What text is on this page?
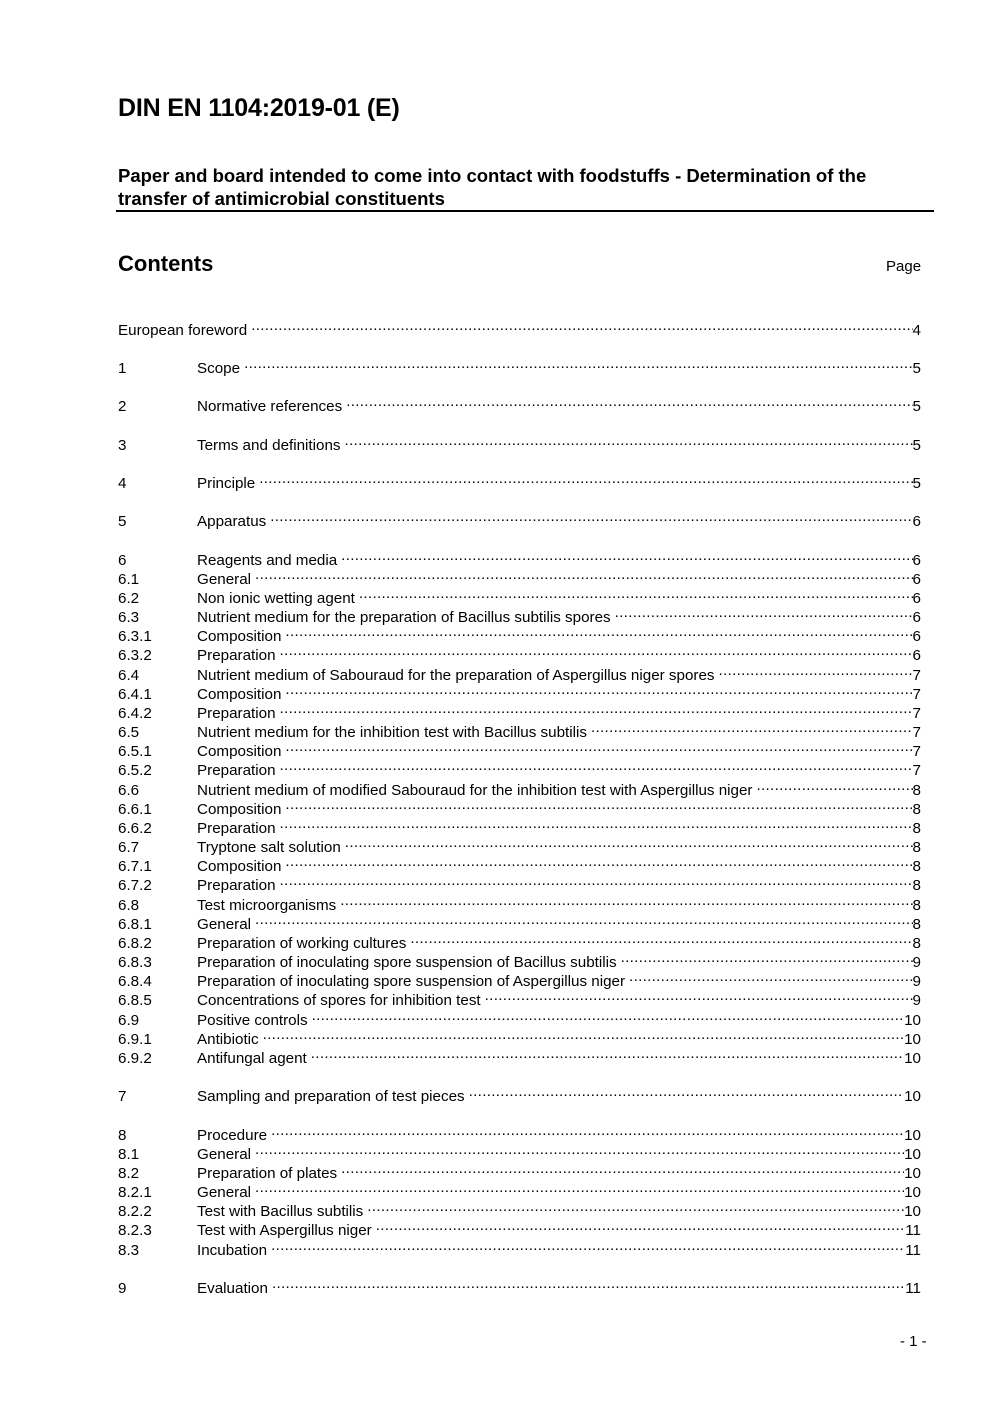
DIN EN 1104:2019-01 (E)

Paper and board intended to come into contact with foodstuffs - Determination of the transfer of antimicrobial constituents

Contents	Page
European foreword .....	4
1	Scope .....	5
2	Normative references .....	5
3	Terms and definitions .....	5
4	Principle .....	5
5	Apparatus .....	6
6	Reagents and media .....	6
6.1	General .....	6
6.2	Non ionic wetting agent .....	6
6.3	Nutrient medium for the preparation of Bacillus subtilis spores .....	6
6.3.1	Composition .....	6
6.3.2	Preparation .....	6
6.4	Nutrient medium of Sabouraud for the preparation of Aspergillus niger spores .....	7
6.4.1	Composition .....	7
6.4.2	Preparation .....	7
6.5	Nutrient medium for the inhibition test with Bacillus subtilis .....	7
6.5.1	Composition .....	7
6.5.2	Preparation .....	7
6.6	Nutrient medium of modified Sabouraud for the inhibition test with Aspergillus niger .....	8
6.6.1	Composition .....	8
6.6.2	Preparation .....	8
6.7	Tryptone salt solution .....	8
6.7.1	Composition .....	8
6.7.2	Preparation .....	8
6.8	Test microorganisms .....	8
6.8.1	General .....	8
6.8.2	Preparation of working cultures .....	8
6.8.3	Preparation of inoculating spore suspension of Bacillus subtilis .....	9
6.8.4	Preparation of inoculating spore suspension of Aspergillus niger .....	9
6.8.5	Concentrations of spores for inhibition test .....	9
6.9	Positive controls .....	10
6.9.1	Antibiotic .....	10
6.9.2	Antifungal agent .....	10
7	Sampling and preparation of test pieces .....	10
8	Procedure .....	10
8.1	General .....	10
8.2	Preparation of plates .....	10
8.2.1	General .....	10
8.2.2	Test with Bacillus subtilis .....	10
8.2.3	Test with Aspergillus niger .....	11
8.3	Incubation .....	11
9	Evaluation .....	11
- 1 -
